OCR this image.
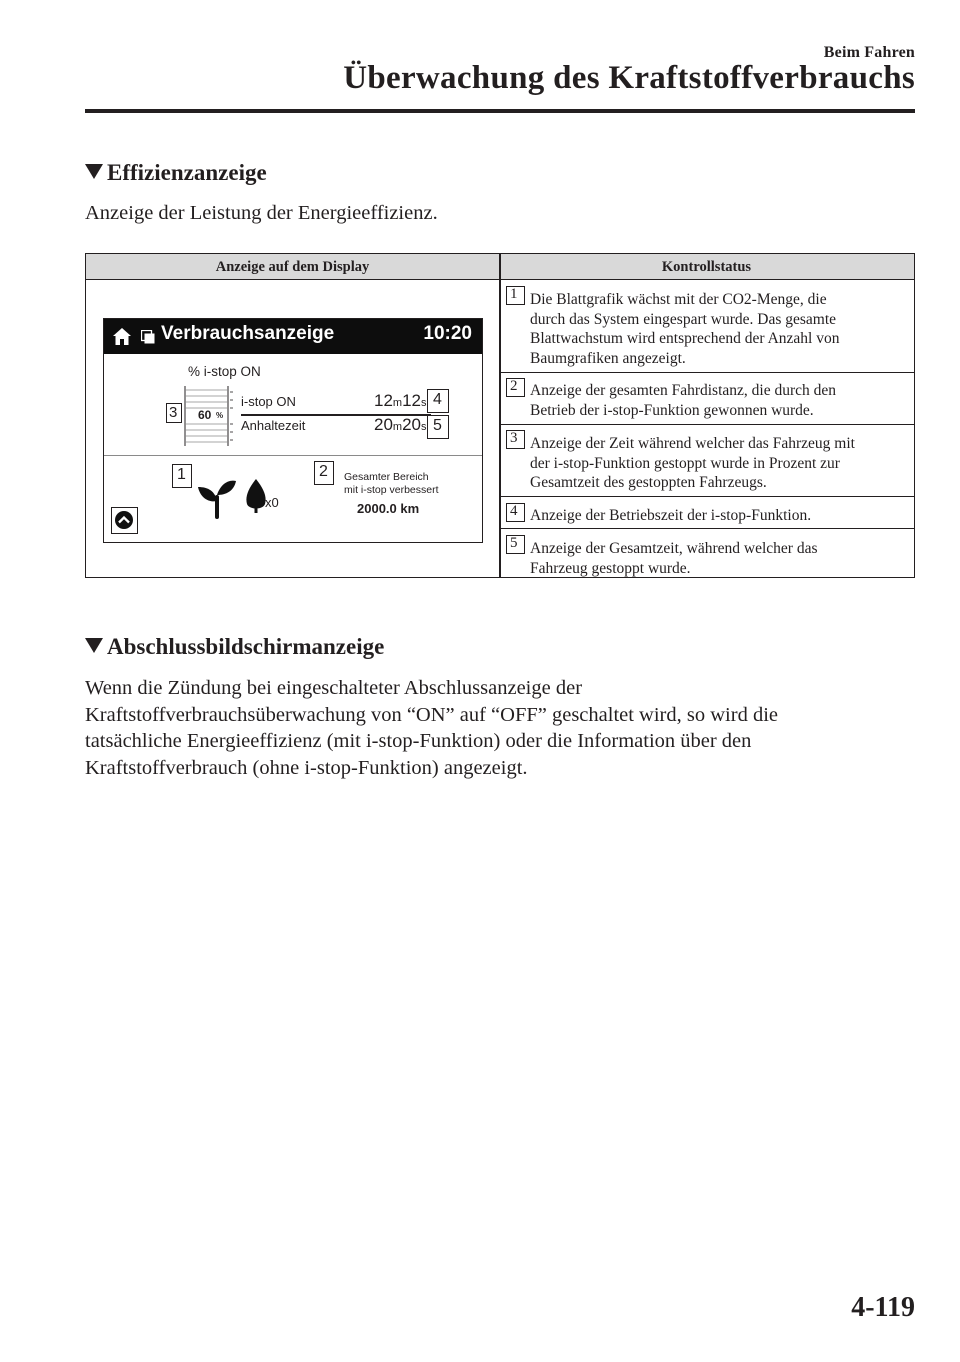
Beim Fahren
Überwachung des Kraftstoffverbrauchs
Effizienzanzeige
Anzeige der Leistung der Energieeffizienz.
Anzeige auf dem Display	Kontrollstatus
Verbrauchsanzeige	10:20
% i-stop ON
60 %
3
i-stop ON	12m12s 4
Anhaltezeit	20m20s 5
1
x0
2 Gesamter Bereich
mit i-stop verbessert
2000.0 km
1 Die Blattgrafik wächst mit der CO2-Menge, die
durch das System eingespart wurde. Das gesamte
Blattwachstum wird entsprechend der Anzahl von
Baumgrafiken angezeigt.
2 Anzeige der gesamten Fahrdistanz, die durch den
Betrieb der i-stop-Funktion gewonnen wurde.
3 Anzeige der Zeit während welcher das Fahrzeug mit
der i-stop-Funktion gestoppt wurde in Prozent zur
Gesamtzeit des gestoppten Fahrzeugs.
4 Anzeige der Betriebszeit der i-stop-Funktion.
5 Anzeige der Gesamtzeit, während welcher das
Fahrzeug gestoppt wurde.
Abschlussbildschirmanzeige
Wenn die Zündung bei eingeschalteter Abschlussanzeige der
Kraftstoffverbrauchsüberwachung von “ON” auf “OFF” geschaltet wird, so wird die
tatsächliche Energieeffizienz (mit i-stop-Funktion) oder die Information über den
Kraftstoffverbrauch (ohne i-stop-Funktion) angezeigt.
4-119
